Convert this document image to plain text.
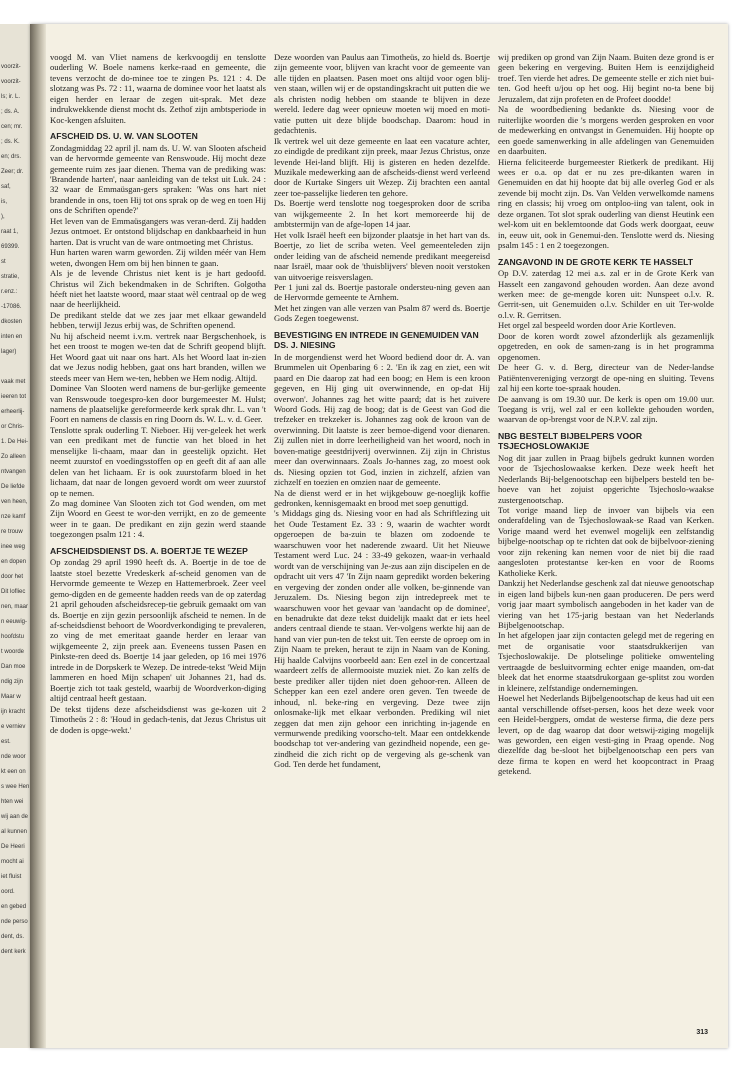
voorzit-
voorzit-
ls; ir. L.
; ds. A.
cen; mr.
; ds. K.
en; drs.
Zeer; dr.
saf,
is,
),
raat 1,
69399.
st
stratie,
r.enz.:
-17086.
dkosten
inten en
lager)
vaak met
ieeren tot
erheerlij-
or Chris-
1. De Hei-
Zo alleen
ntvangen
De liefde
ven heen,
nze kamf
re trouw
inee weg
en dopen
door het
Dit lofliec
nen, maar
n eeuwig-
hoofdstu
t woorde
Dan moe
ndig zijn
Maar w
ijn kracht
e verniev
est.
nde woor
kt een on
s wee Hen
hten wei
wij aan de
al kunnen
De Heeri
mocht ai
iet fluist
oord.
en gebed
nde perso
dent, ds.
dent kerk

voogd M. van Vliet namens de kerkvoogdij en tenslotte ouderling W. Boele namens kerke-raad en gemeente, die tevens verzocht de do-minee toe te zingen Ps. 121 : 4. De slotzang was Ps. 72 : 11, waarna de dominee voor het laatst als eigen herder en leraar de zegen uit-sprak. Met deze indrukwekkende dienst mocht ds. Zethof zijn ambtsperiode in Koc-kengen afsluiten.

AFSCHEID DS. U. W. VAN SLOOTEN

Zondagmiddag 22 april jl. nam ds. U. W. van Slooten afscheid van de hervormde gemeente van Renswoude. Hij mocht deze gemeente ruim zes jaar dienen. Thema van de prediking was: 'Brandende harten', naar aanleiding van de tekst uit Luk. 24 : 32 waar de Emmaüsgan-gers spraken: 'Was ons hart niet brandende in ons, toen Hij tot ons sprak op de weg en toen Hij ons de Schriften opende?'

Het leven van de Emmaüsgangers was veran-derd. Zij hadden Jezus ontmoet. Er ontstond blijdschap en dankbaarheid in hun harten. Dat is vrucht van de ware ontmoeting met Christus.

Hun harten waren warm geworden. Zij wilden méér van Hem weten, dwongen Hem om bij hen binnen te gaan.

Als je de levende Christus niet kent is je hart gedoofd. Christus wil Zich bekendmaken in de Schriften. Golgotha héeft niet het laatste woord, maar staat wèl centraal op de weg naar de heerlijkheid.

De predikant stelde dat we zes jaar met elkaar gewandeld hebben, terwijl Jezus erbij was, de Schriften openend.

Nu hij afscheid neemt i.v.m. vertrek naar Bergschenhoek, is het een troost te mogen we-ten dat de Schrift geopend blijft. Het Woord gaat uit naar ons hart. Als het Woord laat in-zien dat we Jezus nodig hebben, gaat ons hart branden, willen we steeds meer van Hem we-ten, hebben we Hem nodig. Altijd.

Dominee Van Slooten werd namens de bur-gerlijke gemeente van Renswoude toegespro-ken door burgemeester M. Hulst; namens de plaatselijke gereformeerde kerk sprak dhr. L. van 't Foort en namens de classis en ring Doorn ds. W. L. v. d. Geer.

Tenslotte sprak ouderling T. Nieboer. Hij ver-geleek het werk van een predikant met de functie van het bloed in het menselijke li-chaam, maar dan in geestelijk opzicht. Het neemt zuurstof en voedingsstoffen op en geeft dit af aan alle delen van het lichaam. Er is ook zuurstofarm bloed in het lichaam, dat naar de longen gevoerd wordt om weer zuurstof op te nemen.

Zo mag dominee Van Slooten zich tot God wenden, om met Zijn Woord en Geest te wor-den verrijkt, en zo de gemeente weer in te gaan. De predikant en zijn gezin werd staande toegezongen psalm 121 : 4.

AFSCHEIDSDIENST DS. A. BOERTJE TE WEZEP

Op zondag 29 april 1990 heeft ds. A. Boertje in de toe de laatste stoel bezette Vredeskerk af-scheid genomen van de Hervormde gemeente te Wezep en Hattemerbroek. Zeer veel gemo-digden en de gemeente hadden reeds van de op zaterdag 21 april gehouden afscheidsrecep-tie gebruik gemaakt om van ds. Boertje en zijn gezin persoonlijk afscheid te nemen. In de af-scheidsdienst behoort de Woordverkondiging te prevaleren, zo ving de met emeritaat gaande herder en leraar van wijkgemeente 2, zijn preek aan. Eveneens tussen Pasen en Pinkste-ren deed ds. Boertje 14 jaar geleden, op 16 mei 1976 intrede in de Dorpskerk te Wezep. De intrede-tekst 'Weid Mijn lammeren en hoed Mijn schapen' uit Johannes 21, had ds. Boertje zich tot taak gesteld, waarbij de Woordverkon-diging altijd centraal heeft gestaan.

De tekst tijdens deze afscheidsdienst was ge-kozen uit 2 Timotheüs 2 : 8: 'Houd in gedach-tenis, dat Jezus Christus uit de doden is opge-wekt.'

Deze woorden van Paulus aan Timotheüs, zo hield ds. Boertje zijn gemeente voor, blijven van kracht voor de gemeente van alle tijden en plaatsen. Pasen moet ons altijd voor ogen blij-ven staan, willen wij er de opstandingskracht uit putten die we als christen nodig hebben om staande te blijven in deze wereld. Iedere dag weer opnieuw moeten wij moed en moti-vatie putten uit deze blijde boodschap. Daarom: houd in gedachtenis.

Ik vertrek wel uit deze gemeente en laat een vacature achter, zo eindigde de predikant zijn preek, maar Jezus Christus, onze levende Hei-land blijft. Hij is gisteren en heden dezelfde. Muzikale medewerking aan de afscheids-dienst werd verleend door de Kurtake Singers uit Wezep. Zij brachten een aantal zeer toe-passelijke liederen ten gehore.

Ds. Boertje werd tenslotte nog toegesproken door de scriba van wijkgemeente 2. In het kort memoreerde hij de ambtstermijn van de afge-lopen 14 jaar.

Het volk Israël heeft een bijzonder plaatsje in het hart van ds. Boertje, zo liet de scriba weten. Veel gemeenteleden zijn onder leiding van de afscheid nemende predikant meegereisd naar Israël, maar ook de 'thuisblijvers' bleven nooit verstoken van uitvoerige reisverslagen.

Per 1 juni zal ds. Boertje pastorale ondersteu-ning geven aan de Hervormde gemeente te Arnhem.

Met het zingen van alle verzen van Psalm 87 werd ds. Boertje Gods Zegen toegewenst.

BEVESTIGING EN INTREDE IN GENEMUIDEN VAN DS. J. NIESING

In de morgendienst werd het Woord bediend door dr. A. van Brummelen uit Openbaring 6 : 2. 'En ik zag en ziet, een wit paard en Die daarop zat had een boog; en Hem is een kroon gegeven, en Hij ging uit overwinnende, en op-dat Hij overwon'. Johannes zag het witte paard; dat is het zuivere Woord Gods. Hij zag de boog; dat is de Geest van God die trefzeker en trekzeker is. Johannes zag ook de kroon van de overwinning. Dit laatste is zeer bemoe-digend voor dienaren. Zij zullen niet in dorre leerheiligheid van het woord, noch in boven-matige geestdrijverij overwinnen. Zij zijn in Christus meer dan overwinnaars. Zoals Jo-hannes zag, zo moest ook ds. Niesing opzien tot God, inzien in zichzelf, afzien van zichzelf en toezien en omzien naar de gemeente.

Na de dienst werd er in het wijkgebouw ge-noeglijk koffie gedronken, kennisgemaakt en brood met soep genuttigd.

's Middags ging ds. Niesing voor en had als Schriftlezing uit het Oude Testament Ez. 33 : 9, waarin de wachter wordt opgeroepen de ba-zuin te blazen om zodoende te waarschuwen voor het naderende zwaard. Uit het Nieuwe Testament werd Luc. 24 : 33-49 gekozen, waar-in verhaald wordt van de verschijning van Je-zus aan zijn discipelen en de opdracht uit vers 47 'In Zijn naam gepredikt worden bekering en vergeving der zonden onder alle volken, be-ginnende van Jeruzalem. Ds. Niesing begon zijn intredepreek met te waarschuwen voor het gevaar van 'aandacht op de dominee', en benadrukte dat deze tekst duidelijk maakt dat er iets heel anders centraal diende te staan. Ver-volgens werkte hij aan de hand van vier pun-ten de tekst uit. Ten eerste de oproep om in Zijn Naam te preken, heraut te zijn in Naam van de Koning. Hij haalde Calvijns voorbeeld aan: Een ezel in de concertzaal waardeert zelfs de allermooiste muziek niet. Zo kan zelfs de beste prediker aller tijden niet doen gehoor-ren. Alleen de Schepper kan een ezel andere oren geven. Ten tweede de inhoud, nl. beke-ring en vergeving. Deze twee zijn onlosmake-lijk met elkaar verbonden. Prediking wil niet zeggen dat men zijn gehoor een inrichting in-jagende en vermurwende prediking voorscho-telt. Maar een ontdekkende boodschap tot ver-andering van gezindheid nopende, een ge-zindheid die zich richt op de vergeving als ge-schenk van God. Ten derde het fundament,

wij prediken op grond van Zijn Naam. Buiten deze grond is er geen bekering en vergeving. Buiten Hem is eenzijdigheid troef. Ten vierde het adres. De gemeente stelle er zich niet bui-ten. God heeft u/jou op het oog. Hij begint no-ta bene bij Jeruzalem, dat zijn profeten en de Profeet doodde!

Na de woordbediening bedankte ds. Niesing voor de ruiterlijke woorden die 's morgens werden gesproken en voor de medewerking en ontvangst in Genemuiden. Hij hoopte op een goede samenwerking in alle afdelingen van Genemuiden en daarbuiten.

Hierna feliciteerde burgemeester Rietkerk de predikant. Hij wees er o.a. op dat er nu zes pre-dikanten waren in Genemuiden en dat hij hoopte dat bij alle overleg God er als zevende bij mocht zijn. Ds. Van Velden verwelkomde namens ring en classis; hij vroeg om ontploo-iing van talent, ook in deze organen. Tot slot sprak ouderling van dienst Heutink een wel-kom uit en beklemtoonde dat Gods werk doorgaat, eeuw in, eeuw uit, ook in Genemui-den. Tenslotte werd ds. Niesing psalm 145 : 1 en 2 toegezongen.

ZANGAVOND IN DE GROTE KERK TE HASSELT

Op D.V. zaterdag 12 mei a.s. zal er in de Grote Kerk van Hasselt een zangavond gehouden worden. Aan deze avond werken mee: de ge-mengde koren uit: Nunspeet o.l.v. R. Gerrit-sen, uit Genemuiden o.l.v. Schilder en uit Ter-wolde o.l.v. R. Gerritsen.

Het orgel zal bespeeld worden door Arie Kortleven.

Door de koren wordt zowel afzonderlijk als gezamenlijk opgetreden, en ook de samen-zang is in het programma opgenomen.

De heer G. v. d. Berg, directeur van de Neder-landse Patiëntenvereniging verzorgt de ope-ning en sluiting. Tevens zal hij een korte toe-spraak houden.

De aanvang is om 19.30 uur. De kerk is open om 19.00 uur. Toegang is vrij, wel zal er een kollekte gehouden worden, waarvan de op-brengst voor de N.P.V. zal zijn.

NBG BESTELT BIJBELPERS VOOR TSJECHOSLOWAKIJE

Nog dit jaar zullen in Praag bijbels gedrukt kunnen worden voor de Tsjechoslowaakse kerken. Deze week heeft het Nederlands Bij-belgenootschap een bijbelpers besteld ten be-hoeve van het zojuist opgerichte Tsjechoslo-waakse zustergenootschap.

Tot vorige maand liep de invoer van bijbels via een onderafdeling van de Tsjechoslowaak-se Raad van Kerken. Vorige maand werd het evenwel mogelijk een zelfstandig bijbelge-nootschap op te richten dat ook de bijbelvoor-ziening voor zijn rekening kan nemen voor de niet bij die raad aangesloten protestantse ker-ken en voor de Rooms Katholieke Kerk.

Dankzij het Nederlandse geschenk zal dat nieuwe genootschap in eigen land bijbels kun-nen gaan produceren. De pers werd vorig jaar maart symbolisch aangeboden in het kader van de viering van het 175-jarig bestaan van het Nederlands Bijbelgenootschap.

In het afgelopen jaar zijn contacten gelegd met de regering en met de organisatie voor staatsdrukkerijen van Tsjechoslowakije. De plotselinge politieke omwenteling vertraagde de besluitvorming echter enige maanden, om-dat bleek dat het enorme staatsdrukorgaan ge-splitst zou worden in kleinere, zelfstandige ondernemingen.

Hoewel het Nederlands Bijbelgenootschap de keus had uit een aantal verschillende offset-persen, koos het deze week voor een Heidel-bergpers, omdat de westerse firma, die deze pers levert, op de dag waarop dat door wetswij-ziging mogelijk was geworden, een eigen vesti-ging in Praag opende. Nog diezelfde dag be-sloot het bijbelgenootschap een pers van deze firma te kopen en werd het koopcontract in Praag getekend.

313
